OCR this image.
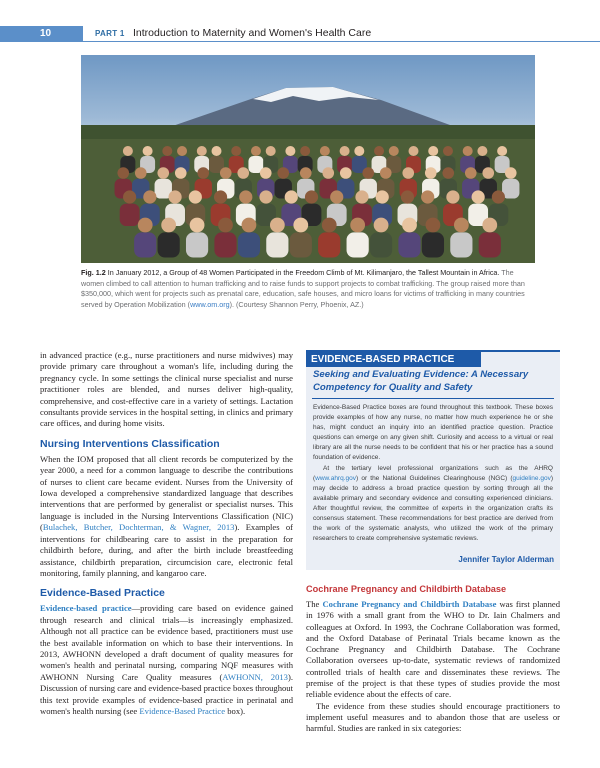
10	PART 1 Introduction to Maternity and Women's Health Care
Fig. 1.2 In January 2012, a Group of 48 Women Participated in the Freedom Climb of Mt. Kilimanjaro, the Tallest Mountain in Africa. The women climbed to call attention to human trafficking and to raise funds to support projects to combat trafficking. The group raised more than $350,000, which went for projects such as prenatal care, education, safe houses, and micro loans for victims of trafficking in many countries served by Operation Mobilization (www.om.org). (Courtesy Shannon Perry, Phoenix, AZ.)

in advanced practice (e.g., nurse practitioners and nurse midwives) may provide primary care throughout a woman's life, including during the pregnancy cycle. In some settings the clinical nurse specialist and nurse practitioner roles are blended, and nurses deliver high-quality, comprehensive, and cost-effective care in a variety of settings. Lactation consultants provide services in the hospital setting, in clinics and primary care offices, and during home visits.

Nursing Interventions Classification

When the IOM proposed that all client records be computerized by the year 2000, a need for a common language to describe the contributions of nurses to client care became evident. Nurses from the University of Iowa developed a comprehensive standardized language that describes interventions that are performed by generalist or specialist nurses. This language is included in the Nursing Interventions Classification (NIC) (Bulachek, Butcher, Dochterman, & Wagner, 2013). Examples of interventions for childbearing care to assist in the preparation for childbirth before, during, and after the birth include breastfeeding assistance, childbirth preparation, circumcision care, electronic fetal monitoring, family planning, and kangaroo care.

Evidence-Based Practice

Evidence-based practice—providing care based on evidence gained through research and clinical trials—is increasingly emphasized. Although not all practice can be evidence based, practitioners must use the best available information on which to base their interventions. In 2013, AWHONN developed a draft document of quality measures for women's health and perinatal nursing, comparing NQF measures with AWHONN Nursing Care Quality measures (AWHONN, 2013). Discussion of nursing care and evidence-based practice boxes throughout this text provide examples of evidence-based practice in perinatal and women's health nursing (see Evidence-Based Practice box).

EVIDENCE-BASED PRACTICE
Seeking and Evaluating Evidence: A Necessary Competency for Quality and Safety

Evidence-Based Practice boxes are found throughout this textbook. These boxes provide examples of how any nurse, no matter how much experience he or she has, might conduct an inquiry into an identified practice question. Practice questions can emerge on any given shift. Curiosity and access to a virtual or real library are all the nurse needs to be confident that his or her practice has a sound foundation of evidence.

At the tertiary level professional organizations such as the AHRQ (www.ahrq.gov) or the National Guidelines Clearinghouse (NGC) (guideline.gov) may decide to address a broad practice question by sorting through all the available primary and secondary evidence and consulting experienced clinicians. After thoughtful review, the committee of experts in the organization crafts its consensus statement. These recommendations for best practice are derived from the work of the systematic analysts, who utilized the work of the primary researchers to create comprehensive systematic reviews.

Jennifer Taylor Alderman
Cochrane Pregnancy and Childbirth Database

The Cochrane Pregnancy and Childbirth Database was first planned in 1976 with a small grant from the WHO to Dr. Iain Chalmers and colleagues at Oxford. In 1993, the Cochrane Collaboration was formed, and the Oxford Database of Perinatal Trials became known as the Cochrane Pregnancy and Childbirth Database. The Cochrane Collaboration oversees up-to-date, systematic reviews of randomized controlled trials of health care and disseminates these reviews. The premise of the project is that these types of studies provide the most reliable evidence about the effects of care.

The evidence from these studies should encourage practitioners to implement useful measures and to abandon those that are useless or harmful. Studies are ranked in six categories:
